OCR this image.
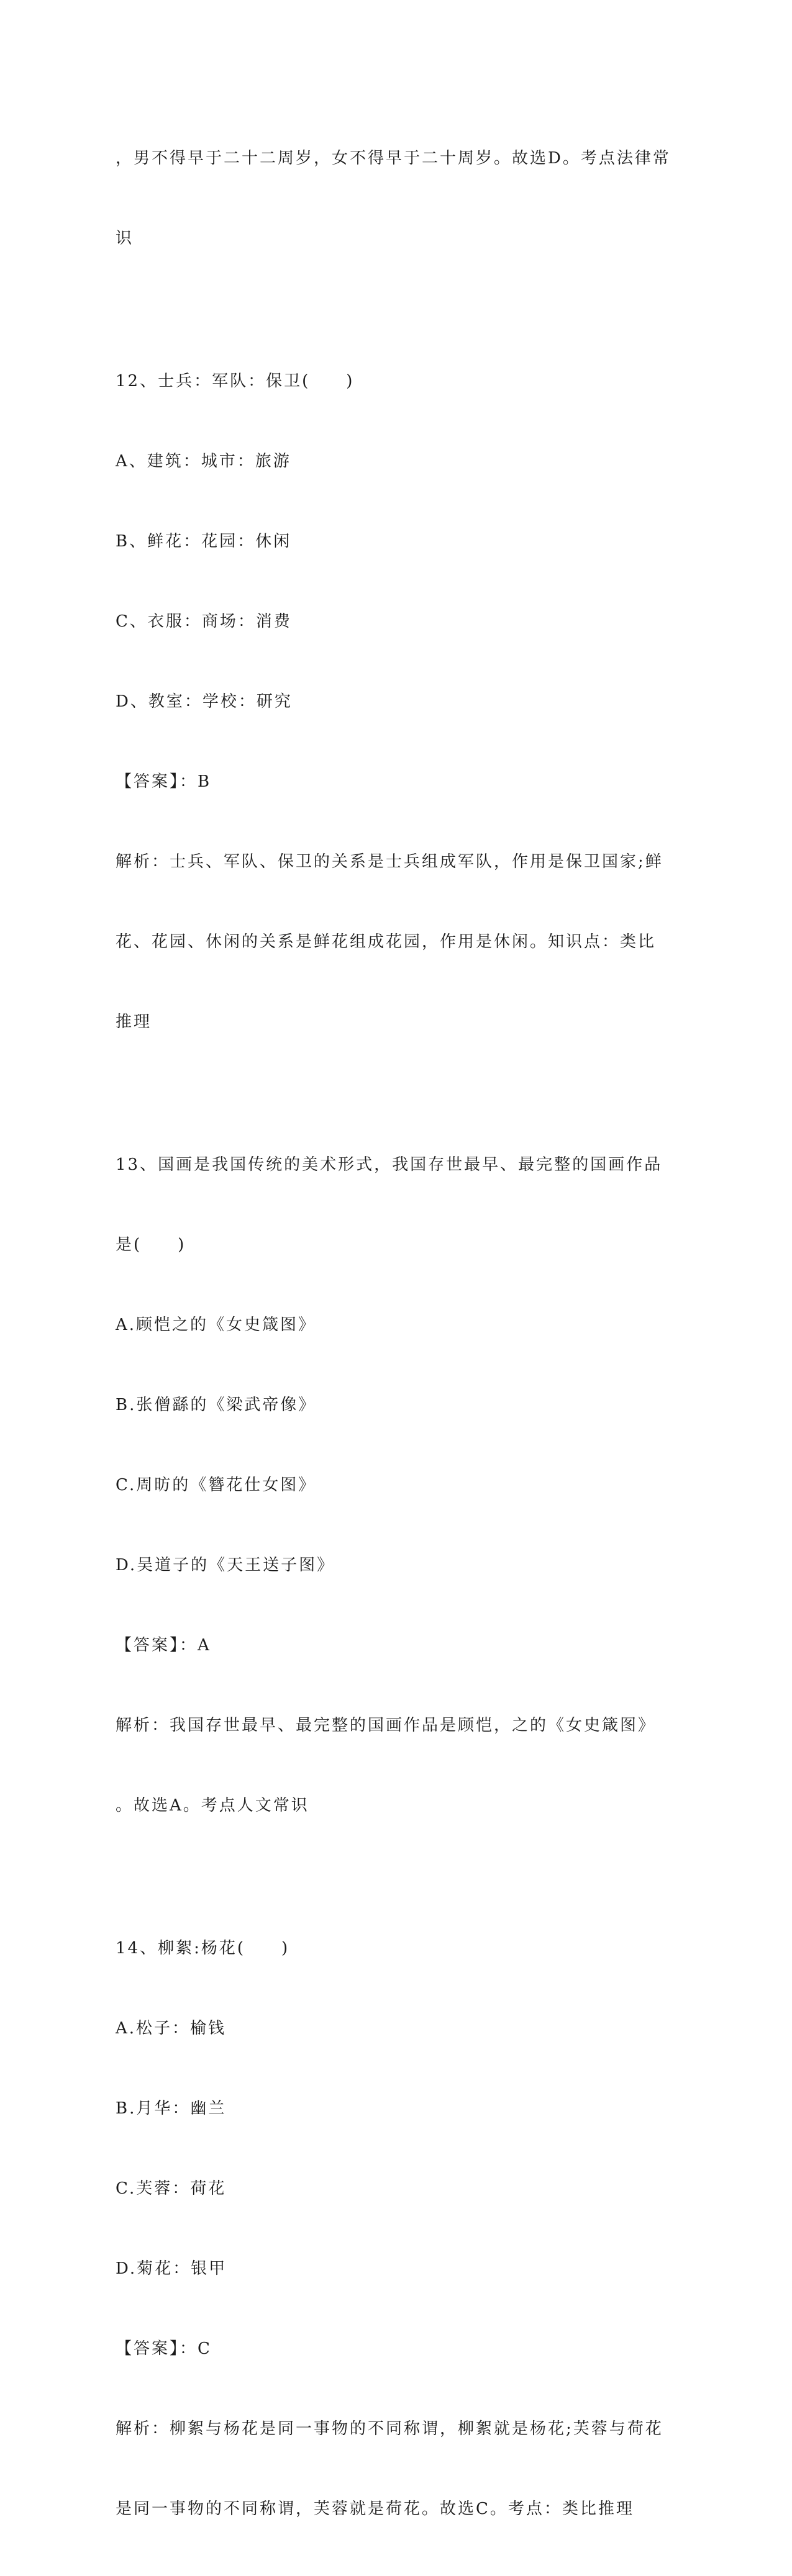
，男不得早于二十二周岁，女不得早于二十周岁。故选D。考点法律常

识

12、士兵：军队：保卫(　　)

A、建筑：城市：旅游

B、鲜花：花园：休闲

C、衣服：商场：消费

D、教室：学校：研究

【答案】：B

解析：士兵、军队、保卫的关系是士兵组成军队，作用是保卫国家;鲜

花、花园、休闲的关系是鲜花组成花园，作用是休闲。知识点：类比

推理

13、国画是我国传统的美术形式，我国存世最早、最完整的国画作品

是(　　)

A.顾恺之的《女史箴图》

B.张僧繇的《梁武帝像》

C.周昉的《簪花仕女图》

D.吴道子的《天王送子图》

【答案】：A

解析：我国存世最早、最完整的国画作品是顾恺，之的《女史箴图》

。故选A。考点人文常识

14、柳絮:杨花(　　)

A.松子：榆钱

B.月华：幽兰

C.芙蓉：荷花

D.菊花：银甲

【答案】：C

解析：柳絮与杨花是同一事物的不同称谓，柳絮就是杨花;芙蓉与荷花

是同一事物的不同称谓，芙蓉就是荷花。故选C。考点：类比推理
